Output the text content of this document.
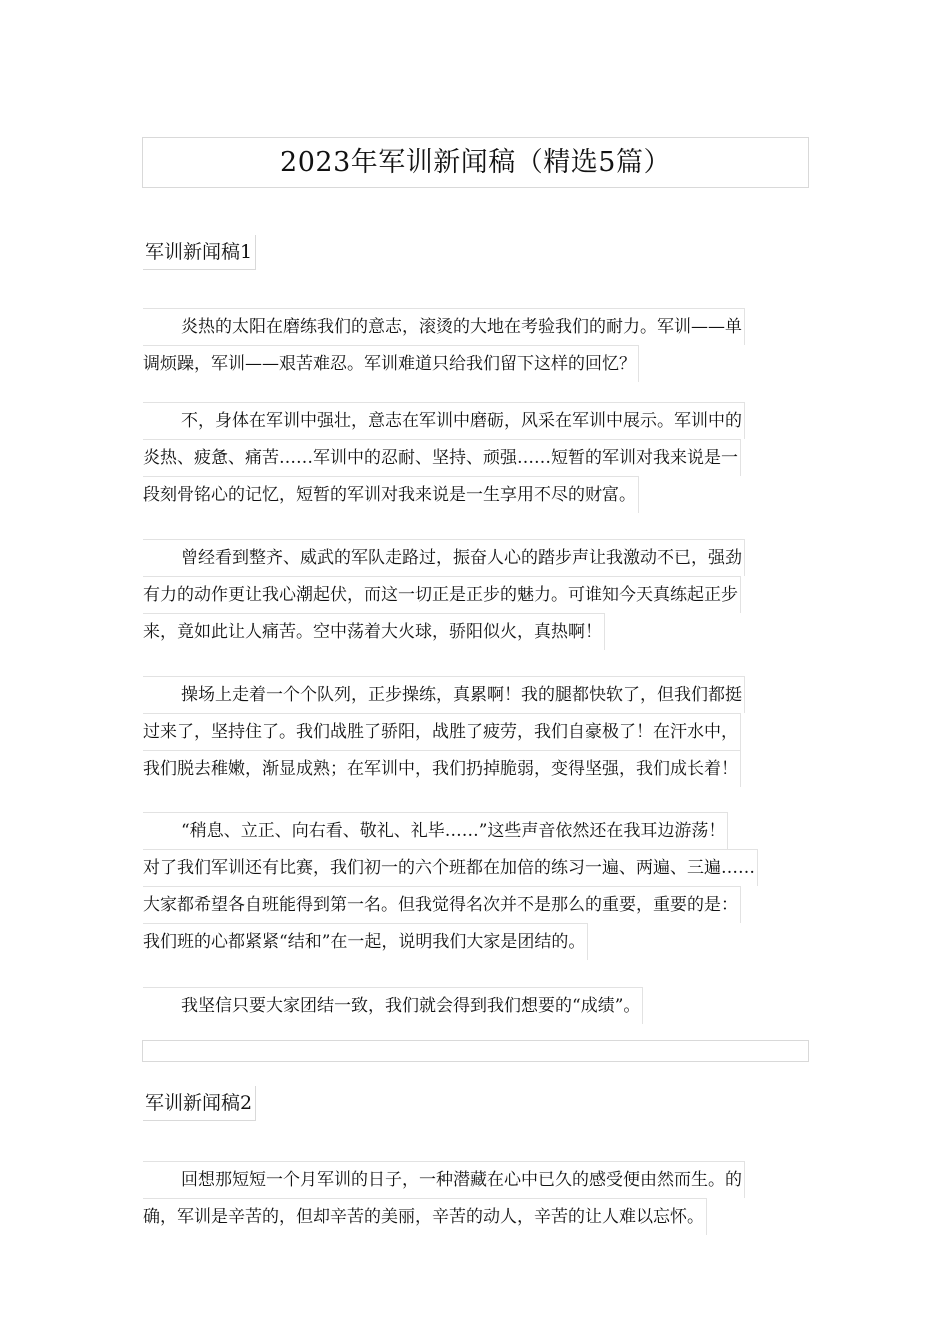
2023年军训新闻稿（精选5篇）
军训新闻稿1
炎热的太阳在磨练我们的意志，滚烫的大地在考验我们的耐力。军训——单
调烦躁，军训——艰苦难忍。军训难道只给我们留下这样的回忆？
不，身体在军训中强壮，意志在军训中磨砺，风采在军训中展示。军训中的
炎热、疲惫、痛苦……军训中的忍耐、坚持、顽强……短暂的军训对我来说是一
段刻骨铭心的记忆，短暂的军训对我来说是一生享用不尽的财富。
曾经看到整齐、威武的军队走路过，振奋人心的踏步声让我激动不已，强劲
有力的动作更让我心潮起伏，而这一切正是正步的魅力。可谁知今天真练起正步
来，竟如此让人痛苦。空中荡着大火球，骄阳似火，真热啊！
操场上走着一个个队列，正步操练，真累啊！我的腿都快软了，但我们都挺
过来了，坚持住了。我们战胜了骄阳，战胜了疲劳，我们自豪极了！在汗水中，
我们脱去稚嫩，渐显成熟；在军训中，我们扔掉脆弱，变得坚强，我们成长着！
“稍息、立正、向右看、敬礼、礼毕……”这些声音依然还在我耳边游荡！
对了我们军训还有比赛，我们初一的六个班都在加倍的练习一遍、两遍、三遍……
大家都希望各自班能得到第一名。但我觉得名次并不是那么的重要，重要的是：
我们班的心都紧紧“结和”在一起，说明我们大家是团结的。
我坚信只要大家团结一致，我们就会得到我们想要的“成绩”。
军训新闻稿2
回想那短短一个月军训的日子，一种潜藏在心中已久的感受便由然而生。的
确，军训是辛苦的，但却辛苦的美丽，辛苦的动人，辛苦的让人难以忘怀。
